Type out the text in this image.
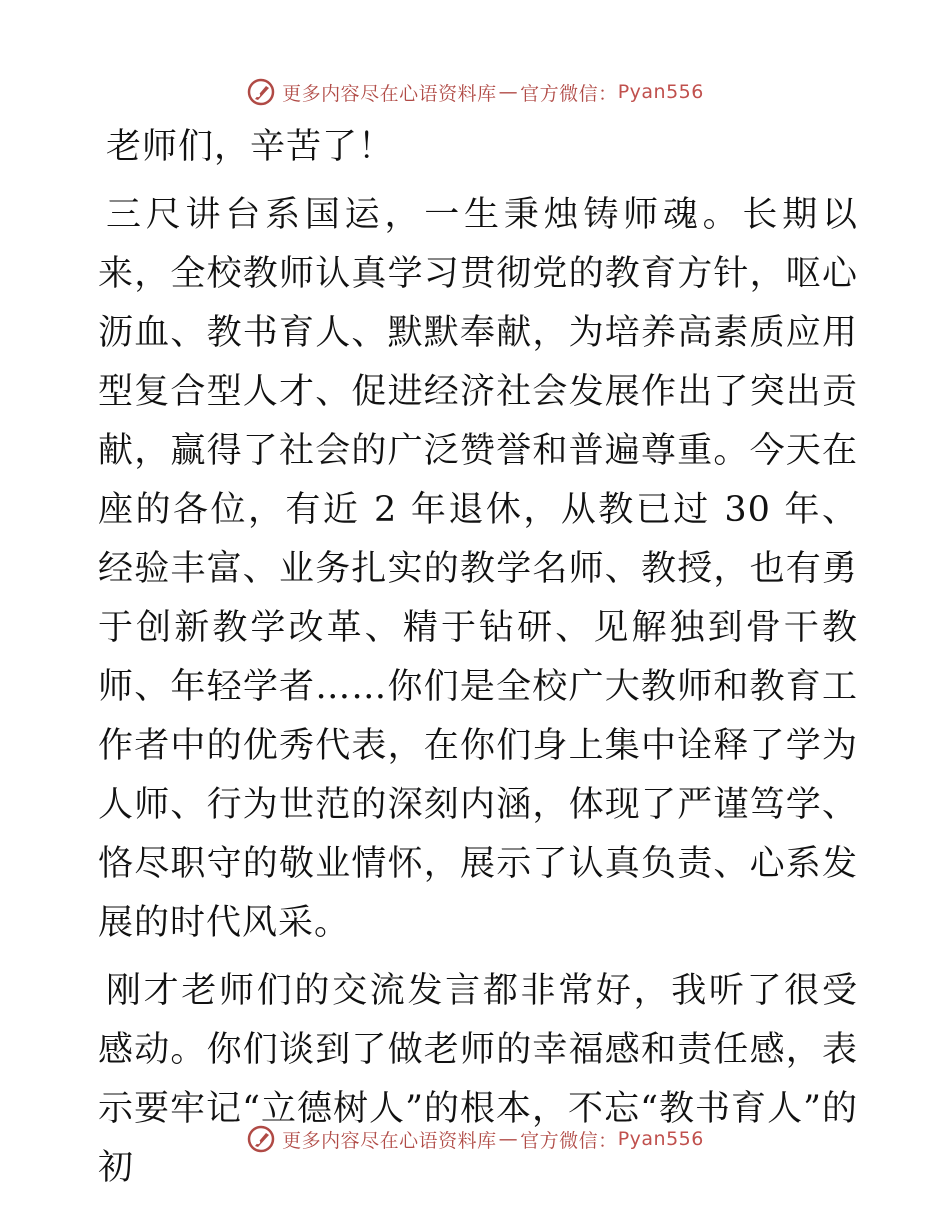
更多内容尽在心语资料库 — 官方微信： Pyan556

老师们，辛苦了！

三尺讲台系国运，一生秉烛铸师魂。长期以来，全校教师认真学习贯彻党的教育方针，呕心沥血、教书育人、默默奉献，为培养高素质应用型复合型人才、促进经济社会发展作出了突出贡献，赢得了社会的广泛赞誉和普遍尊重。今天在座的各位，有近 2 年退休，从教已过 30 年、经验丰富、业务扎实的教学名师、教授，也有勇于创新教学改革、精于钻研、见解独到骨干教师、年轻学者……你们是全校广大教师和教育工作者中的优秀代表，在你们身上集中诠释了学为人师、行为世范的深刻内涵，体现了严谨笃学、恪尽职守的敬业情怀，展示了认真负责、心系发展的时代风采。

刚才老师们的交流发言都非常好，我听了很受感动。你们谈到了做老师的幸福感和责任感，表示要牢记“立德树人”的根本，不忘“教书育人”的初

更多内容尽在心语资料库 — 官方微信： Pyan556
